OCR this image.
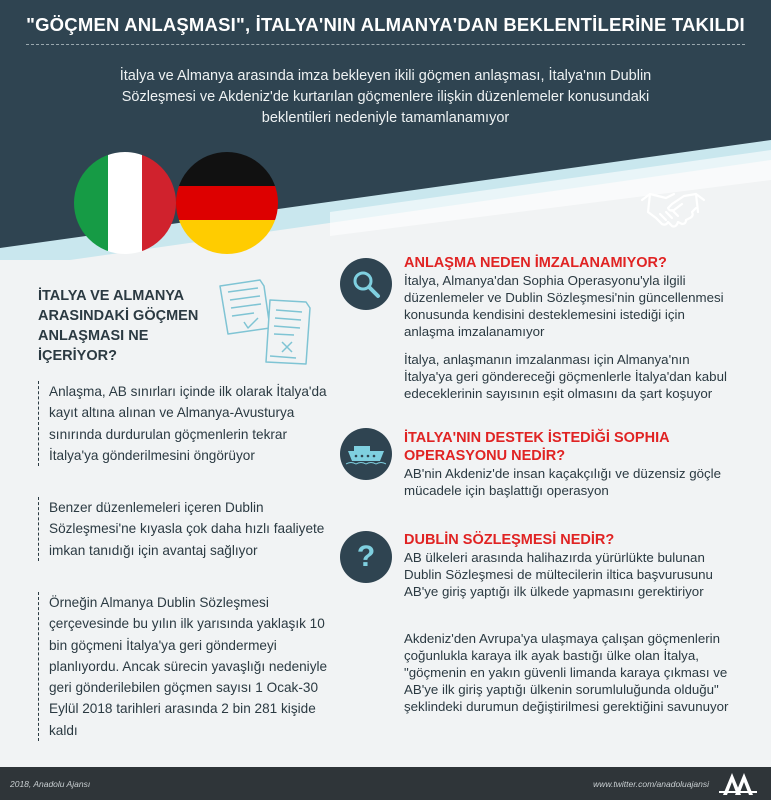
"GÖÇMEN ANLAŞMASI", İTALYA'NIN ALMANYA'DAN BEKLENTİLERİNE TAKILDI
İtalya ve Almanya arasında imza bekleyen ikili göçmen anlaşması, İtalya'nın Dublin Sözleşmesi ve Akdeniz'de kurtarılan göçmenlere ilişkin düzenlemeler konusundaki beklentileri nedeniyle tamamlanamıyor
İTALYA VE ALMANYA ARASINDAKİ GÖÇMEN ANLAŞMASI NE İÇERİYOR?
Anlaşma, AB sınırları içinde ilk olarak İtalya'da kayıt altına alınan ve Almanya-Avusturya sınırında durdurulan göçmenlerin tekrar İtalya'ya gönderilmesini öngörüyor
Benzer düzenlemeleri içeren Dublin Sözleşmesi'ne kıyasla çok daha hızlı faaliyete imkan tanıdığı için avantaj sağlıyor
Örneğin Almanya Dublin Sözleşmesi çerçevesinde bu yılın ilk yarısında yaklaşık 10 bin göçmeni İtalya'ya geri göndermeyi planlıyordu. Ancak sürecin yavaşlığı nedeniyle geri gönderilebilen göçmen sayısı 1 Ocak-30 Eylül 2018 tarihleri arasında 2 bin 281 kişide kaldı
ANLAŞMA NEDEN İMZALANAMIYOR?
İtalya, Almanya'dan Sophia Operasyonu'yla ilgili düzenlemeler ve Dublin Sözleşmesi'nin güncellenmesi konusunda kendisini desteklemesini istediği için anlaşma imzalanamıyor
İtalya, anlaşmanın imzalanması için Almanya'nın İtalya'ya geri göndereceği göçmenlerle İtalya'dan kabul edeceklerinin sayısının eşit olmasını da şart koşuyor
İTALYA'NIN DESTEK İSTEDİĞİ SOPHIA OPERASYONU NEDİR?
AB'nin Akdeniz'de insan kaçakçılığı ve düzensiz göçle mücadele için başlattığı operasyon
? DUBLİN SÖZLEŞMESİ NEDİR?
AB ülkeleri arasında halihazırda yürürlükte bulunan Dublin Sözleşmesi de mültecilerin iltica başvurusunu AB'ye giriş yaptığı ilk ülkede yapmasını gerektiriyor
Akdeniz'den Avrupa'ya ulaşmaya çalışan göçmenlerin çoğunlukla karaya ilk ayak bastığı ülke olan İtalya, "göçmenin en yakın güvenli limanda karaya çıkması ve AB'ye ilk giriş yaptığı ülkenin sorumluluğunda olduğu" şeklindeki durumun değiştirilmesi gerektiğini savunuyor
2018, Anadolu Ajansı	www.twitter.com/anadoluajansi
